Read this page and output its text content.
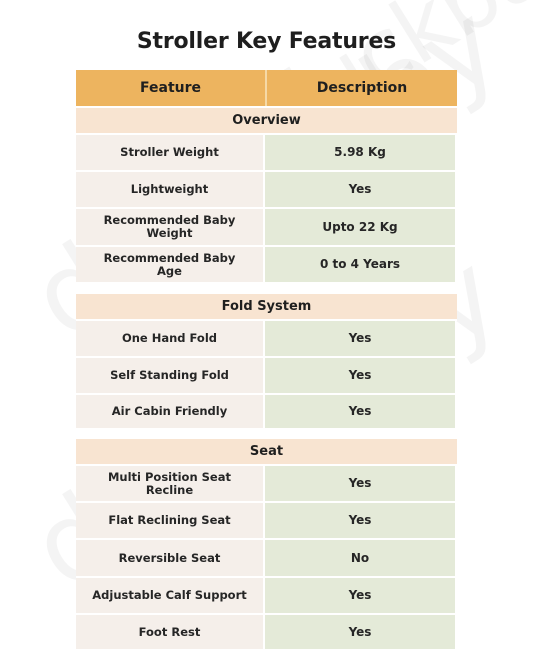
Stroller Key Features
Feature	Description
Overview
Stroller Weight	5.98 Kg
Lightweight	Yes
Recommended Baby Weight	Upto 22 Kg
Recommended Baby Age	0 to 4 Years
Fold System
One Hand Fold	Yes
Self Standing Fold	Yes
Air Cabin Friendly	Yes
Seat
Multi Position Seat Recline	Yes
Flat Reclining Seat	Yes
Reversible Seat	No
Adjustable Calf Support	Yes
Foot Rest	Yes
